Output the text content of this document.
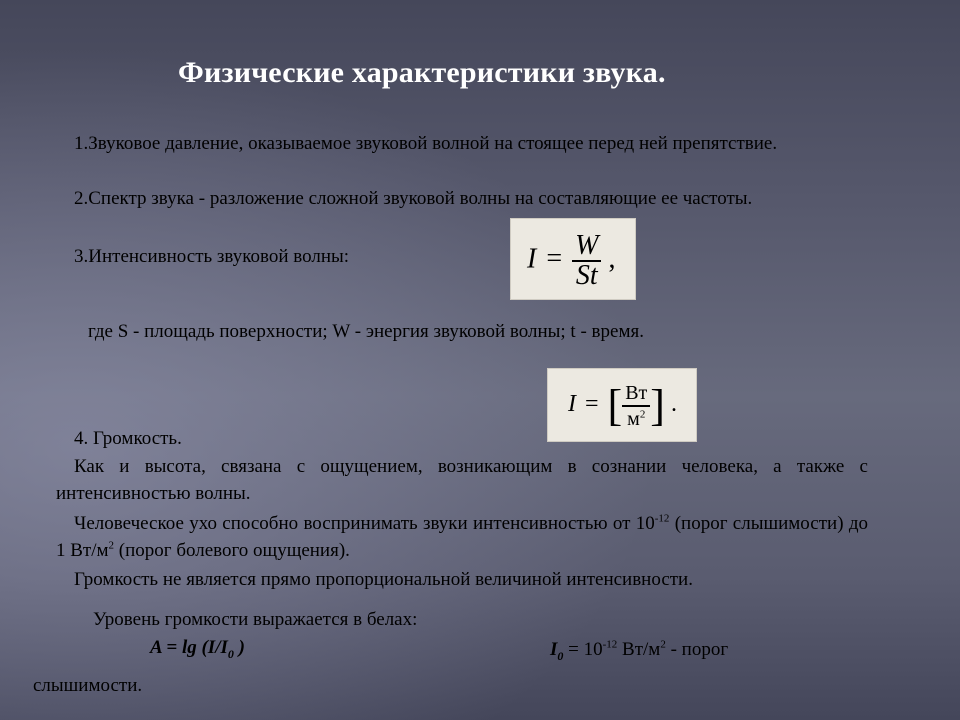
Физические характеристики звука.
1.Звуковое давление, оказываемое звуковой волной на стоящее перед ней препятствие.
2.Спектр звука - разложение сложной звуковой волны на составляющие ее частоты.
3.Интенсивность звуковой волны:	$I = \frac{W}{St}$ ,
где S - площадь поверхности; W - энергия звуковой волны; t - время.
I = [ $\frac{Вт}{м^2}$ ] .
4. Громкость.
Как и высота, связана с ощущением, возникающим в сознании человека, а также с интенсивностью волны.
Человеческое ухо способно воспринимать звуки интенсивностью от $10^{-12}$ (порог слышимости) до 1 $Вт/м^2$ (порог болевого ощущения).
Громкость не является прямо пропорциональной величиной интенсивности.
Уровень громкости выражается в белах:
$A = \lg (I/I_0$ )	$I_0 = 10^{-12}$ $Вт/м^2$ - порог
слышимости.
